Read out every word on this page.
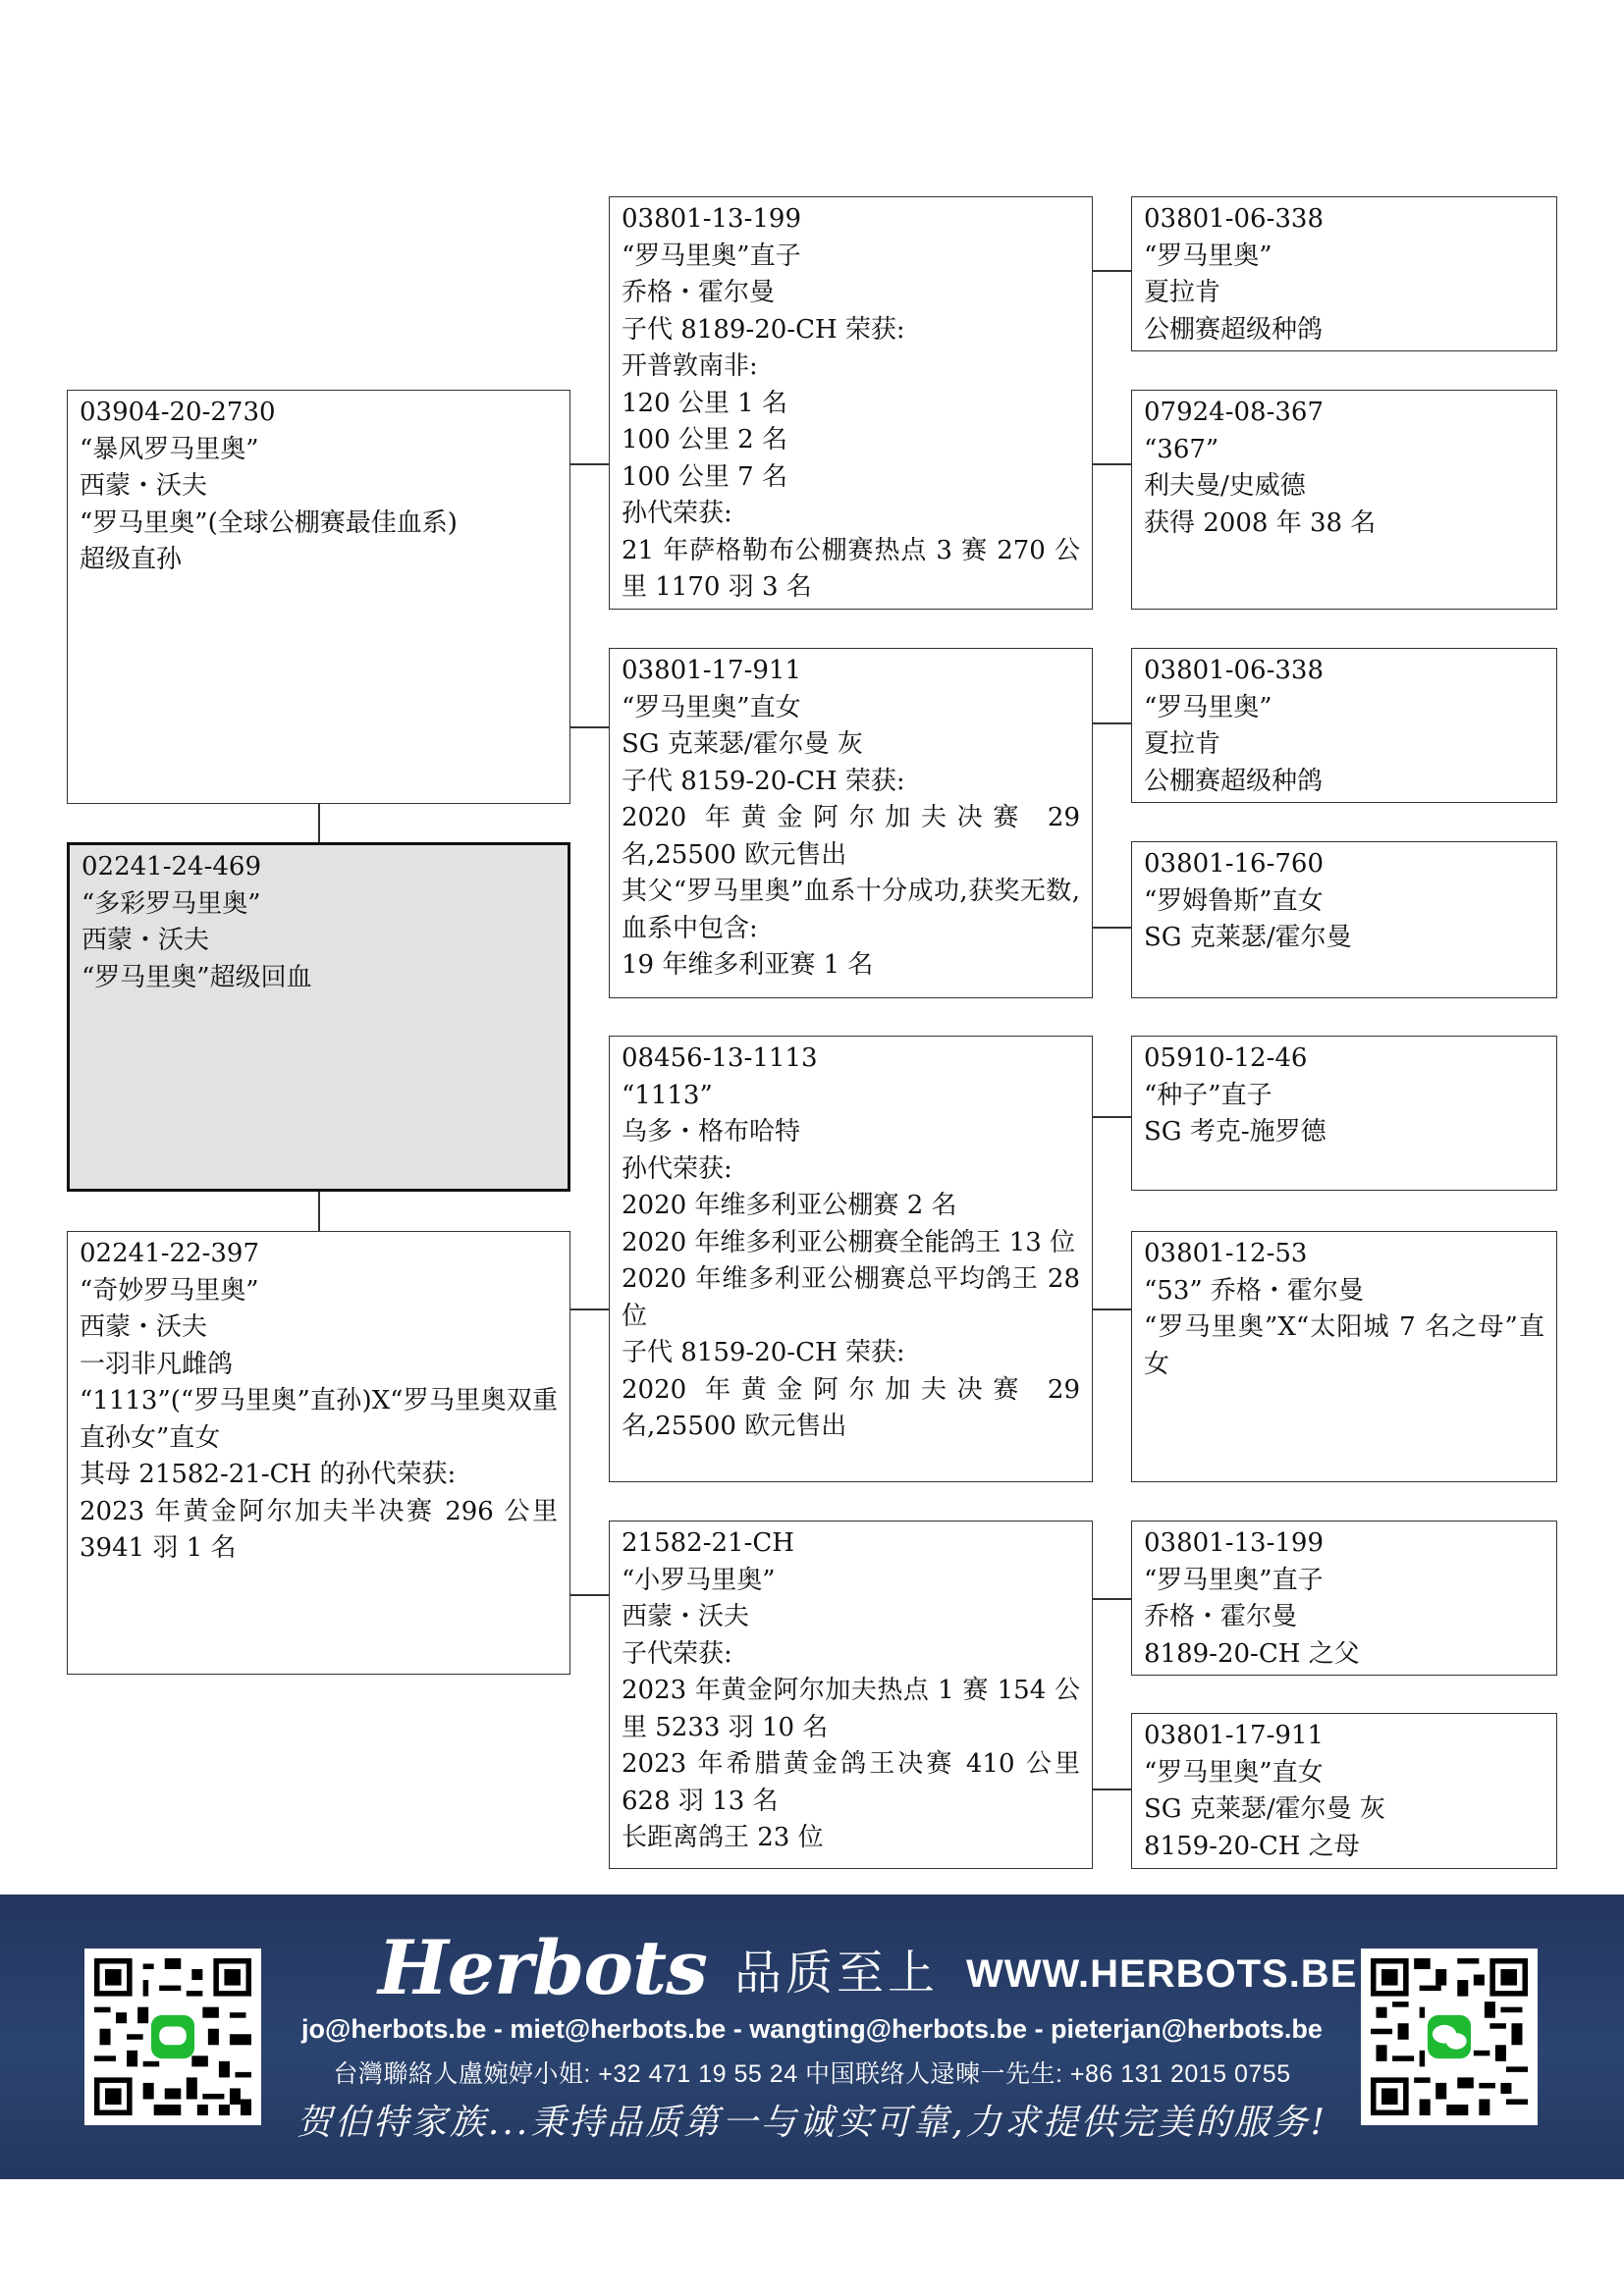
02241-24-469
“多彩罗马里奥”
西蒙・沃夫
“罗马里奥”超级回血
03904-20-2730
“暴风罗马里奥”
西蒙・沃夫
“罗马里奥”(全球公棚赛最佳血系)
超级直孙
02241-22-397
“奇妙罗马里奥”
西蒙・沃夫
一羽非凡雌鸽
“1113”(“罗马里奥”直孙)X“罗马里奥双重直孙女”直女
其母 21582-21-CH 的孙代荣获:
2023 年黄金阿尔加夫半决赛 296 公里 3941 羽 1 名
03801-13-199
“罗马里奥”直子
乔格・霍尔曼
子代 8189-20-CH 荣获:
开普敦南非:
120 公里 1 名
100 公里 2 名
100 公里 7 名
孙代荣获:
21 年萨格勒布公棚赛热点 3 赛 270 公里 1170 羽 3 名
03801-17-911
“罗马里奥”直女
SG 克莱瑟/霍尔曼 灰
子代 8159-20-CH 荣获:
2020 年黄金阿尔加夫决赛 29 名,25500 欧元售出
其父“罗马里奥”血系十分成功,获奖无数,血系中包含:
19 年维多利亚赛 1 名
08456-13-1113
“1113”
乌多・格布哈特
孙代荣获:
2020 年维多利亚公棚赛 2 名
2020 年维多利亚公棚赛全能鸽王 13 位
2020 年维多利亚公棚赛总平均鸽王 28 位
子代 8159-20-CH 荣获:
2020 年黄金阿尔加夫决赛 29 名,25500 欧元售出
21582-21-CH
“小罗马里奥”
西蒙・沃夫
子代荣获:
2023 年黄金阿尔加夫热点 1 赛 154 公里 5233 羽 10 名
2023 年希腊黄金鸽王决赛 410 公里 628 羽 13 名
长距离鸽王 23 位
03801-06-338
“罗马里奥”
夏拉肯
公棚赛超级种鸽
07924-08-367
“367”
利夫曼/史威德
获得 2008 年 38 名
03801-06-338
“罗马里奥”
夏拉肯
公棚赛超级种鸽
03801-16-760
“罗姆鲁斯”直女
SG 克莱瑟/霍尔曼
05910-12-46
“种子”直子
SG 考克-施罗德
03801-12-53
“53” 乔格・霍尔曼
“罗马里奥”X“太阳城 7 名之母”直女
03801-13-199
“罗马里奥”直子
乔格・霍尔曼
8189-20-CH 之父
03801-17-911
“罗马里奥”直女
SG 克莱瑟/霍尔曼 灰
8159-20-CH 之母
Herbots 品质至上 WWW.HERBOTS.BE
jo@herbots.be - miet@herbots.be - wangting@herbots.be - pieterjan@herbots.be
台灣聯絡人盧婉婷小姐: +32 471 19 55 24 中国联络人逯暕一先生: +86 131 2015 0755
贺伯特家族...秉持品质第一与诚实可靠,力求提供完美的服务!
